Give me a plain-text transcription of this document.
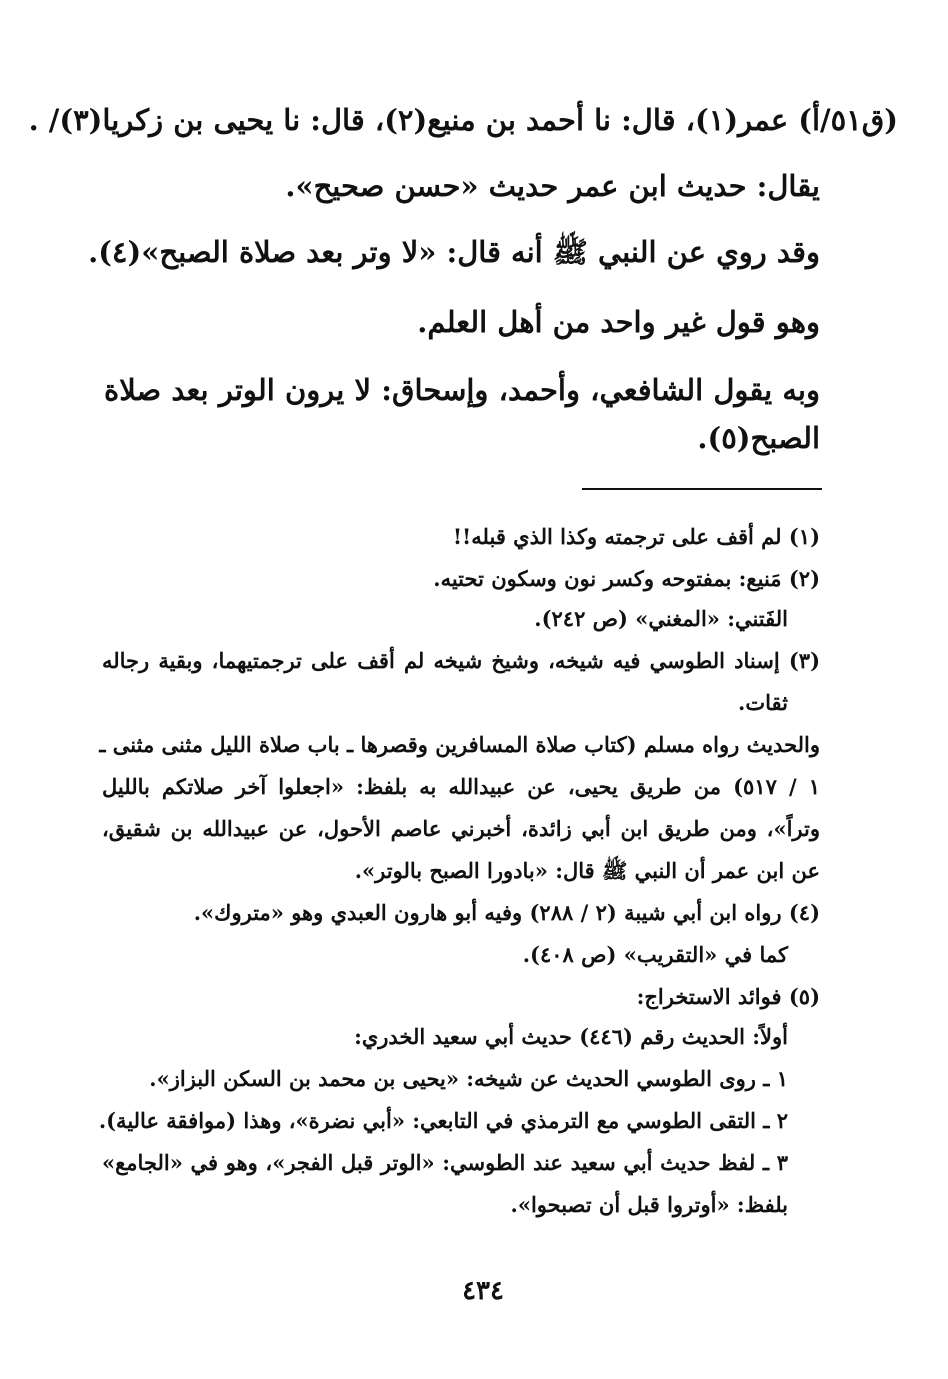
(ق٥١/أ) عمر(١)، قال: نا أحمد بن منيع(٢)، قال: نا يحيى بن زكريا(٣)/ .
يقال: حديث ابن عمر حديث «حسن صحيح».
وقد روي عن النبي ﷺ أنه قال: «لا وتر بعد صلاة الصبح»(٤).
وهو قول غير واحد من أهل العلم.
وبه يقول الشافعي، وأحمد، وإسحاق: لا يرون الوتر بعد صلاة
الصبح(٥).
(١) لم أقف على ترجمته وكذا الذي قبله!!
(٢) مَنيع: بمفتوحه وكسر نون وسكون تحتيه.
الفَتني: «المغني» (ص ٢٤٢).
(٣) إسناد الطوسي فيه شيخه، وشيخ شيخه لم أقف على ترجمتيهما، وبقية رجاله
ثقات.
والحديث رواه مسلم (كتاب صلاة المسافرين وقصرها ـ باب صلاة الليل مثنى مثنى ـ
١ / ٥١٧) من طريق يحيى، عن عبيدالله به بلفظ: «اجعلوا آخر صلاتكم بالليل
وتراً»، ومن طريق ابن أبي زائدة، أخبرني عاصم الأحول، عن عبيدالله بن شقيق،
عن ابن عمر أن النبي ﷺ قال: «بادورا الصبح بالوتر».
(٤) رواه ابن أبي شيبة (٢ / ٢٨٨) وفيه أبو هارون العبدي وهو «متروك».
كما في «التقريب» (ص ٤٠٨).
(٥) فوائد الاستخراج:
أولاً: الحديث رقم (٤٤٦) حديث أبي سعيد الخدري:
١ ـ روى الطوسي الحديث عن شيخه: «يحيى بن محمد بن السكن البزاز».
٢ ـ التقى الطوسي مع الترمذي في التابعي: «أبي نضرة»، وهذا (موافقة عالية).
٣ ـ لفظ حديث أبي سعيد عند الطوسي: «الوتر قبل الفجر»، وهو في «الجامع»
بلفظ: «أوتروا قبل أن تصبحوا».
٤٣٤
